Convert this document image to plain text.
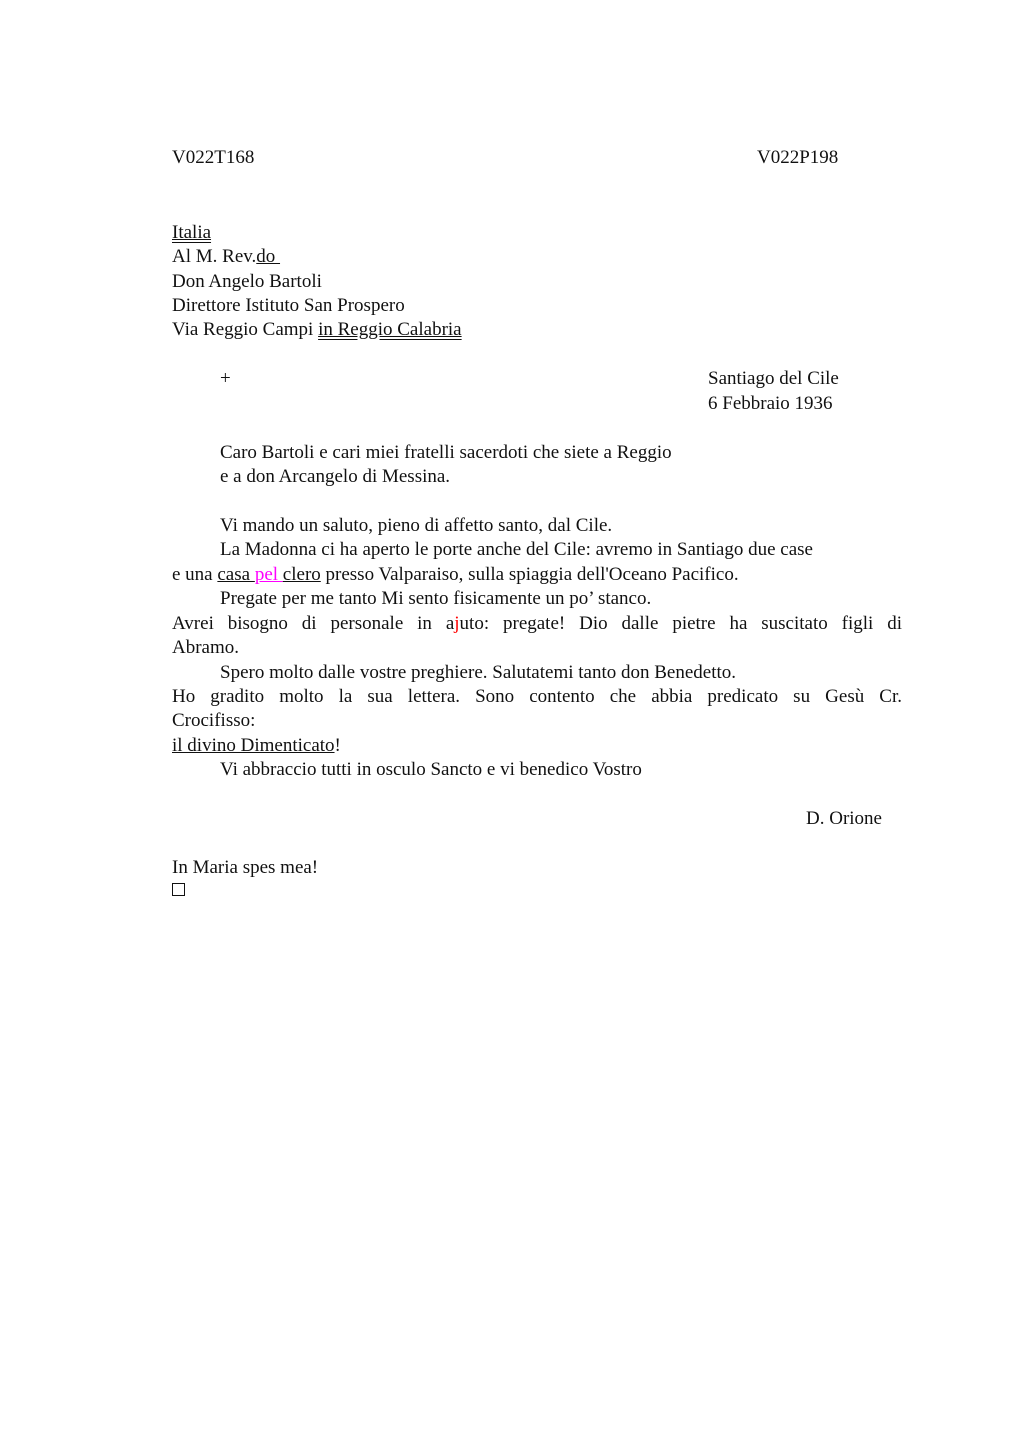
V022T168	V022P198
Italia
Al M. Rev.do
Don Angelo Bartoli
Direttore Istituto San Prospero
Via Reggio Campi in Reggio Calabria
+	Santiago del Cile
6 Febbraio 1936
Caro Bartoli e cari miei fratelli sacerdoti che siete a Reggio
e a don Arcangelo di Messina.
Vi mando un saluto, pieno di affetto santo, dal Cile.
La Madonna ci ha aperto le porte anche del Cile: avremo in Santiago due case
e una casa pel clero presso Valparaiso, sulla spiaggia dell'Oceano Pacifico.
Pregate per me tanto Mi sento fisicamente un po’ stanco.
Avrei bisogno di personale in ajuto: pregate! Dio dalle pietre ha suscitato figli di
Abramo.
Spero molto dalle vostre preghiere. Salutatemi tanto don Benedetto.
Ho gradito molto la sua lettera. Sono contento che abbia predicato su Gesù Cr.
Crocifisso:
il divino Dimenticato!
Vi abbraccio tutti in osculo Sancto e vi benedico Vostro
D. Orione
In Maria spes mea!
